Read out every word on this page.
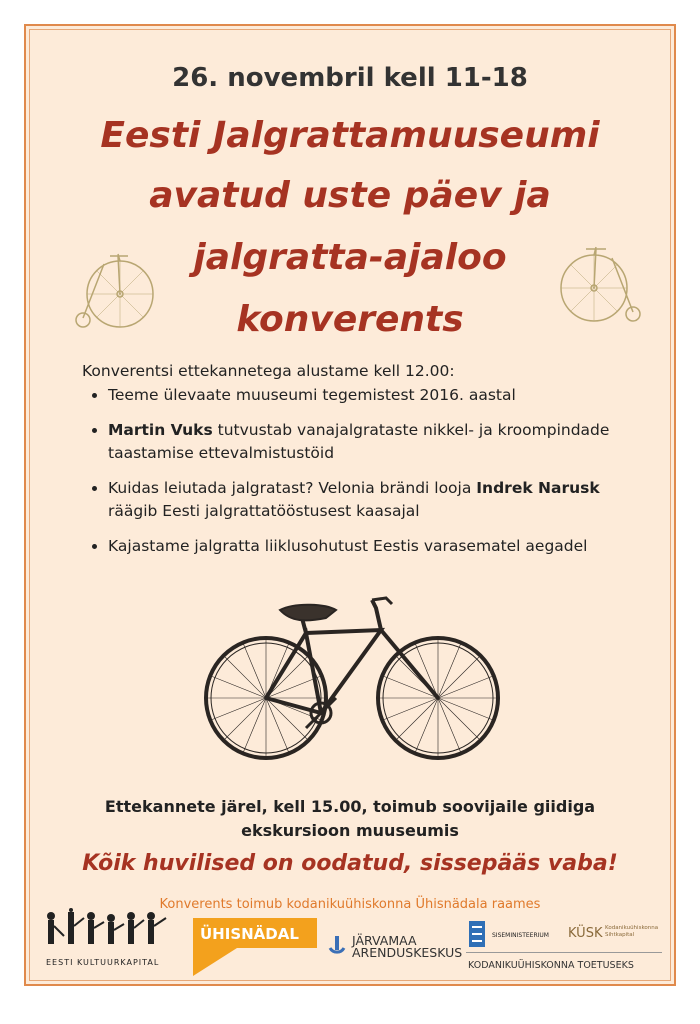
26. novembril kell 11-18
Eesti Jalgrattamuuseumi
avatud uste päev ja
jalgratta-ajaloo
konverents
Konverentsi ettekannetega alustame kell 12.00:
• Teeme ülevaate muuseumi tegemistest 2016. aastal
• Martin Vuks tutvustab vanajalgrataste nikkel- ja kroompindade taastamise ettevalmistustöid
• Kuidas leiutada jalgratast? Velonia brändi looja Indrek Narusk räägib Eesti jalgrattatööstusest kaasajal
• Kajastame jalgratta liiklusohutust Eestis varasematel aegadel
Ettekannete järel, kell 15.00, toimub soovijaile giidiga
ekskursioon muuseumis
Kõik huvilised on oodatud, sissepääs vaba!
Konverents toimub kodanikuühiskonna Ühisnädala raames
EESTI KULTUURKAPITAL
ÜHISNÄDAL	JÄRVAMAA
ARENDUSKESKUS
SISEMINISTEERIUM KÜSK Kodanikuühiskonna
Sihtkapital
KODANIKUÜHISKONNA TOETUSEKS
